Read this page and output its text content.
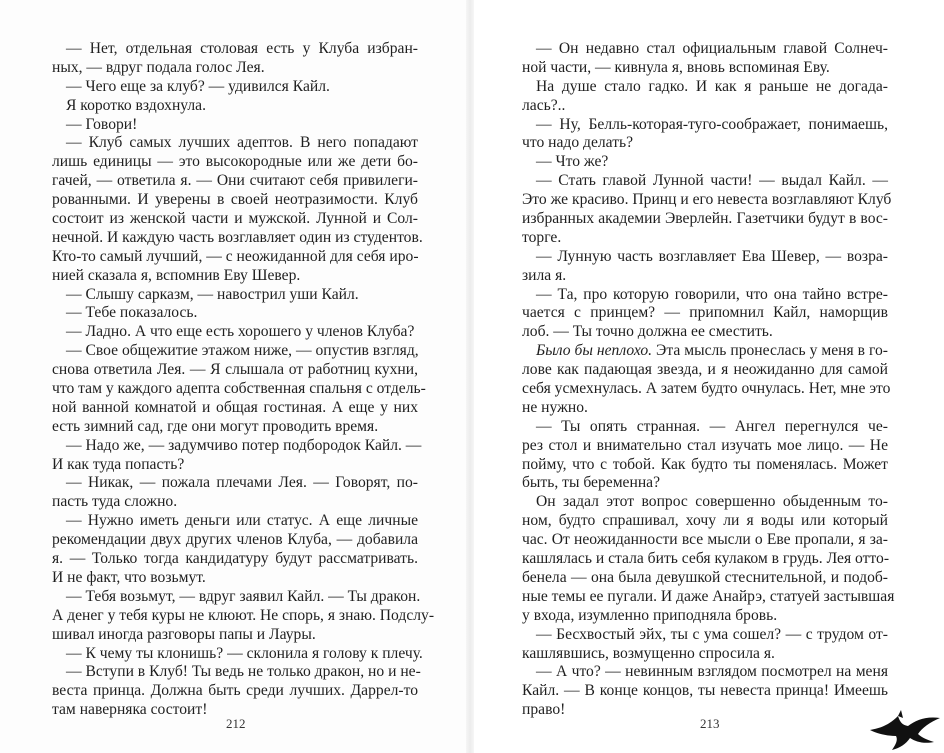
— Нет, отдельная столовая есть у Клуба избран-
ных, — вдруг подала голос Лея.
— Чего еще за клуб? — удивился Кайл.
Я коротко вздохнула.
— Говори!
— Клуб самых лучших адептов. В него попадают
лишь единицы — это высокородные или же дети бо-
гачей, — ответила я. — Они считают себя привилеги-
рованными. И уверены в своей неотразимости. Клуб
состоит из женской части и мужской. Лунной и Сол-
нечной. И каждую часть возглавляет один из студентов.
Кто-то самый лучший, — с неожиданной для себя иро-
нией сказала я, вспомнив Еву Шевер.
— Слышу сарказм, — навострил уши Кайл.
— Тебе показалось.
— Ладно. А что еще есть хорошего у членов Клуба?
— Свое общежитие этажом ниже, — опустив взгляд,
снова ответила Лея. — Я слышала от работниц кухни,
что там у каждого адепта собственная спальня с отдель-
ной ванной комнатой и общая гостиная. А еще у них
есть зимний сад, где они могут проводить время.
— Надо же, — задумчиво потер подбородок Кайл. —
И как туда попасть?
— Никак, — пожала плечами Лея. — Говорят, по-
пасть туда сложно.
— Нужно иметь деньги или статус. А еще личные
рекомендации двух других членов Клуба, — добавила
я. — Только тогда кандидатуру будут рассматривать.
И не факт, что возьмут.
— Тебя возьмут, — вдруг заявил Кайл. — Ты дракон.
А денег у тебя куры не клюют. Не спорь, я знаю. Подслу-
шивал иногда разговоры папы и Лауры.
— К чему ты клонишь? — склонила я голову к плечу.
— Вступи в Клуб! Ты ведь не только дракон, но и не-
веста принца. Должна быть среди лучших. Даррел-то
там наверняка состоит!
212
— Он недавно стал официальным главой Солнеч-
ной части, — кивнула я, вновь вспоминая Еву.
На душе стало гадко. И как я раньше не догада-
лась?..
— Ну, Белль-которая-туго-соображает, понимаешь,
что надо делать?
— Что же?
— Стать главой Лунной части! — выдал Кайл. —
Это же красиво. Принц и его невеста возглавляют Клуб
избранных академии Эверлейн. Газетчики будут в вос-
торге.
— Лунную часть возглавляет Ева Шевер, — возра-
зила я.
— Та, про которую говорили, что она тайно встре-
чается с принцем? — припомнил Кайл, наморщив
лоб. — Ты точно должна ее сместить.
Было бы неплохо. Эта мысль пронеслась у меня в го-
лове как падающая звезда, и я неожиданно для самой
себя усмехнулась. А затем будто очнулась. Нет, мне это
не нужно.
— Ты опять странная. — Ангел перегнулся че-
рез стол и внимательно стал изучать мое лицо. — Не
пойму, что с тобой. Как будто ты поменялась. Может
быть, ты беременна?
Он задал этот вопрос совершенно обыденным то-
ном, будто спрашивал, хочу ли я воды или который
час. От неожиданности все мысли о Еве пропали, я за-
кашлялась и стала бить себя кулаком в грудь. Лея отто-
бенела — она была девушкой стеснительной, и подоб-
ные темы ее пугали. И даже Анайрэ, статуей застывшая
у входа, изумленно приподняла бровь.
— Бесхвостый эйх, ты с ума сошел? — с трудом от-
кашлявшись, возмущенно спросила я.
— А что? — невинным взглядом посмотрел на меня
Кайл. — В конце концов, ты невеста принца! Имеешь
право!
213
